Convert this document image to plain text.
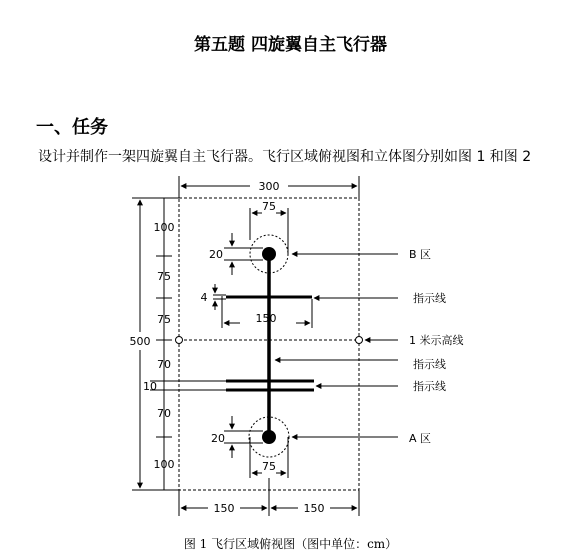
第五题 四旋翼自主飞行器
一、任务
设计并制作一架四旋翼自主飞行器。飞行区域俯视图和立体图分别如图 1 和图 2
300
75
20
150
4
20
75
150	150
500
100
75
75
70
10
70
100
B 区
指示线
1 米示高线
指示线
指示线
A 区
图 1 飞行区域俯视图（图中单位：cm）
